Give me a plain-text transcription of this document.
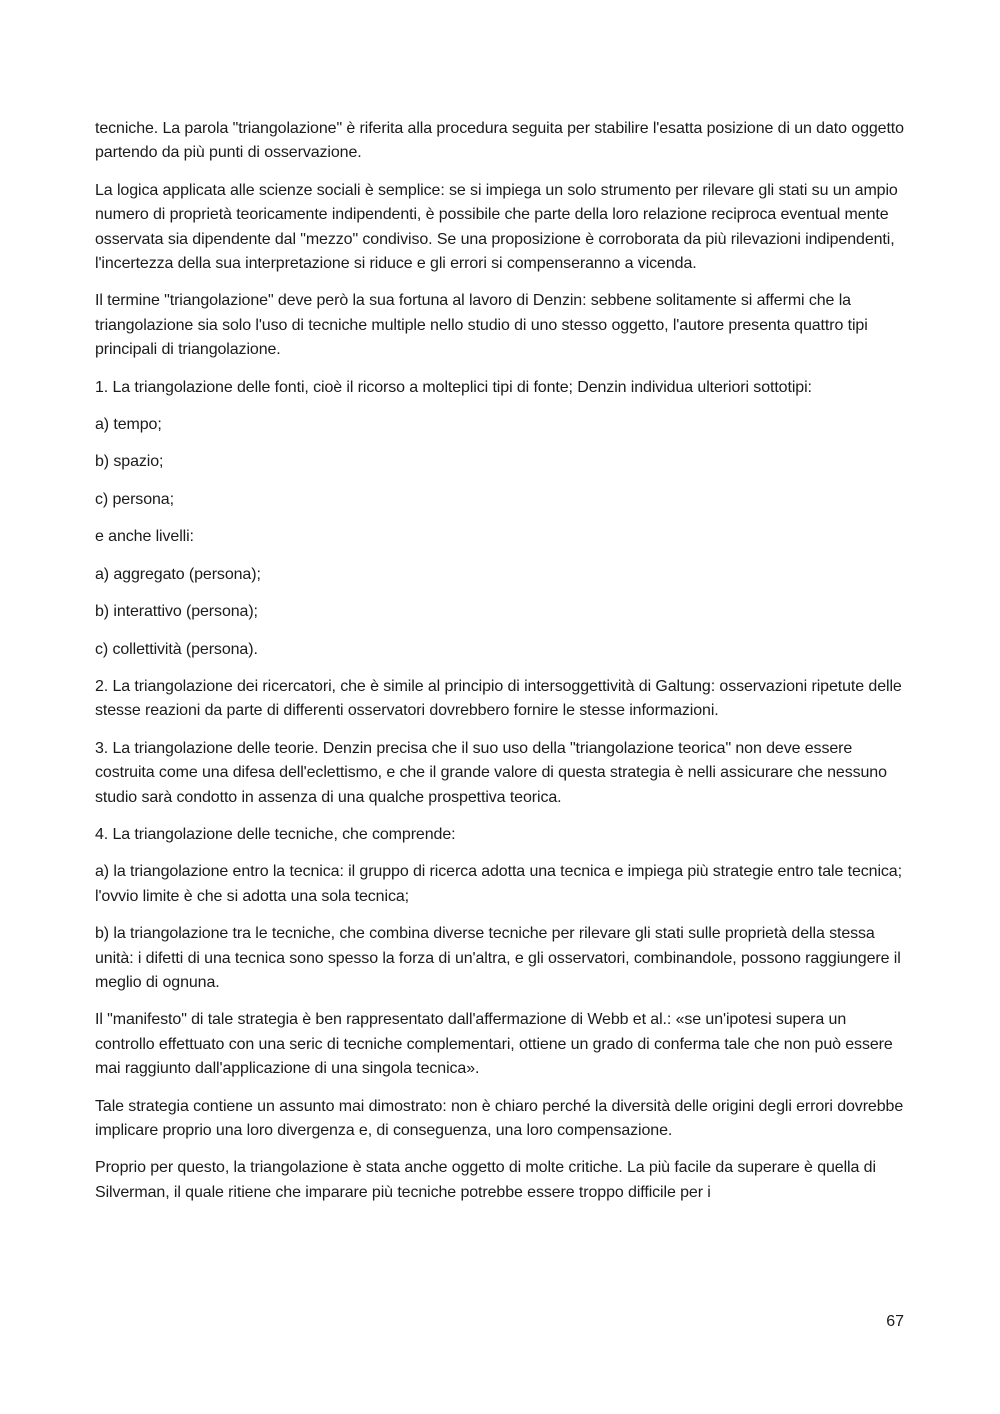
tecniche. La parola "triangolazione" è riferita alla procedura seguita per stabilire l'esatta posizione di un dato oggetto partendo da più punti di osservazione.

La logica applicata alle scienze sociali è semplice: se si impiega un solo strumento per rilevare gli stati su un ampio numero di proprietà teoricamente indipendenti, è possibile che parte della loro relazione reciproca eventual mente osservata sia dipendente dal "mezzo" condiviso. Se una proposizione è corroborata da più rilevazioni indipendenti, l'incertezza della sua interpretazione si riduce e gli errori si compenseranno a vicenda.

Il termine "triangolazione" deve però la sua fortuna al lavoro di Denzin: sebbene solitamente si affermi che la triangolazione sia solo l'uso di tecniche multiple nello studio di uno stesso oggetto, l'autore presenta quattro tipi principali di triangolazione.

1. La triangolazione delle fonti, cioè il ricorso a molteplici tipi di fonte; Denzin individua ulteriori sottotipi:

a) tempo;

b) spazio;

c) persona;

e anche livelli:

a) aggregato (persona);

b) interattivo (persona);

c) collettività (persona).

2. La triangolazione dei ricercatori, che è simile al principio di intersoggettività di Galtung: osservazioni ripetute delle stesse reazioni da parte di differenti osservatori dovrebbero fornire le stesse informazioni.

3. La triangolazione delle teorie. Denzin precisa che il suo uso della "triangolazione teorica" non deve essere costruita come una difesa dell'eclettismo, e che il grande valore di questa strategia è nelli assicurare che nessuno studio sarà condotto in assenza di una qualche prospettiva teorica.

4. La triangolazione delle tecniche, che comprende:

a) la triangolazione entro la tecnica: il gruppo di ricerca adotta una tecnica e impiega più strategie entro tale tecnica; l'ovvio limite è che si adotta una sola tecnica;

b) la triangolazione tra le tecniche, che combina diverse tecniche per rilevare gli stati sulle proprietà della stessa unità: i difetti di una tecnica sono spesso la forza di un'altra, e gli osservatori, combinandole, possono raggiungere il meglio di ognuna.

Il "manifesto" di tale strategia è ben rappresentato dall'affermazione di Webb et al.: «se un'ipotesi supera un controllo effettuato con una seric di tecniche complementari, ottiene un grado di conferma tale che non può essere mai raggiunto dall'applicazione di una singola tecnica».

Tale strategia contiene un assunto mai dimostrato: non è chiaro perché la diversità delle origini degli errori dovrebbe implicare proprio una loro divergenza e, di conseguenza, una loro compensazione.

Proprio per questo, la triangolazione è stata anche oggetto di molte critiche. La più facile da superare è quella di Silverman, il quale ritiene che imparare più tecniche potrebbe essere troppo difficile per i

67
